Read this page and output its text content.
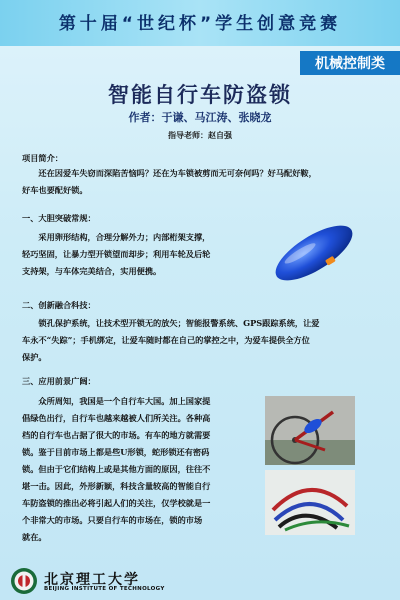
第十届“世纪杯”学生创意竞赛
机械控制类
智能自行车防盗锁
作者：于谦、马江涛、张晓龙
指导老师：赵自强
项目简介：
还在因爱车失窃而深陷苦恼吗？还在为车锁被剪而无可奈何吗？好马配好鞍，
好车也要配好锁。
一、大胆突破常规：
采用卵形结构，合理分解外力；内部桁架支撑，
轻巧坚固，让暴力型开锁望而却步；利用车轮及后轮
支持架，与车体完美结合，实用便携。
二、创新融合科技：
锁孔保护系统，让技术型开锁无的放矢；智能报警系统、GPS跟踪系统，让爱
车永不“失踪”；手机绑定，让爱车随时都在自己的掌控之中，为爱车提供全方位
保护。
三、应用前景广阔：
众所周知，我国是一个自行车大国。加上国家提
倡绿色出行，自行车也越来越被人们所关注。各种高
档的自行车也占据了很大的市场。有车的地方就需要
锁。鉴于目前市场上都是些U形锁，蛇形锁还有密码
锁。但由于它们结构上或是其他方面的原因，往往不
堪一击。因此，外形新颖，科技含量较高的智能自行
车防盗锁的推出必将引起人们的关注，仅学校就是一
个非常大的市场。只要自行车的市场在，锁的市场
就在。
北京理工大学
BEIJING INSTITUTE OF TECHNOLOGY
